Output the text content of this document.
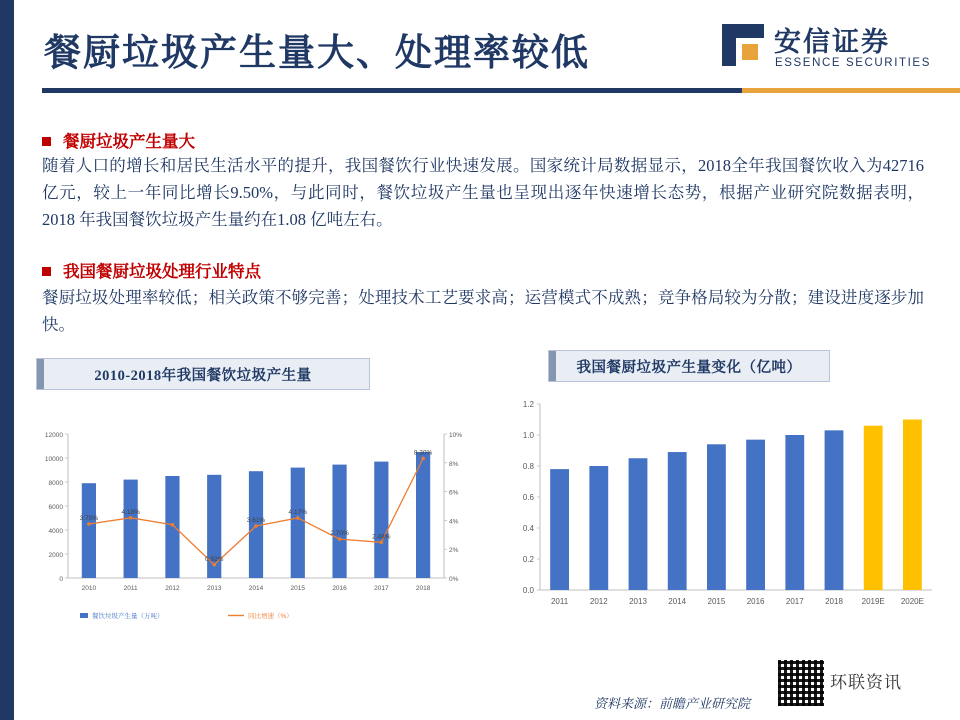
餐厨垃圾产生量大、处理率较低	安信证券
ESSENCE SECURITIES
餐厨垃圾产生量大
随着人口的增长和居民生活水平的提升，我国餐饮行业快速发展。国家统计局数据显示，2018全年我国餐饮收入为42716 亿元，较上一年同比增长9.50%，与此同时，餐饮垃圾产生量也呈现出逐年快速增长态势，根据产业研究院数据表明，2018 年我国餐饮垃圾产生量约在1.08 亿吨左右。
我国餐厨垃圾处理行业特点
餐厨垃圾处理率较低；相关政策不够完善；处理技术工艺要求高；运营模式不成熟；竞争格局较为分散；建设进度逐步加快。
2010-2018年我国餐饮垃圾产生量	我国餐厨垃圾产生量变化（亿吨）
0
2000
4000
6000
8000
10000
12000
0%
2%
4%
6%
8%
10%
2010	2011	2012	2013	2014	2015	2016	2017	2018
3.75%
4.18%
0.92%
3.61%
4.17%
2.70%	2.48%
8.30%
餐饮垃圾产生量（万吨）	同比增速（%）
0.0
0.2
0.4
0.6
0.8
1.0
1.2
2011	2012	2013	2014	2015	2016	2017	2018 2019E 2020E
资料来源：前瞻产业研究院
环联资讯
